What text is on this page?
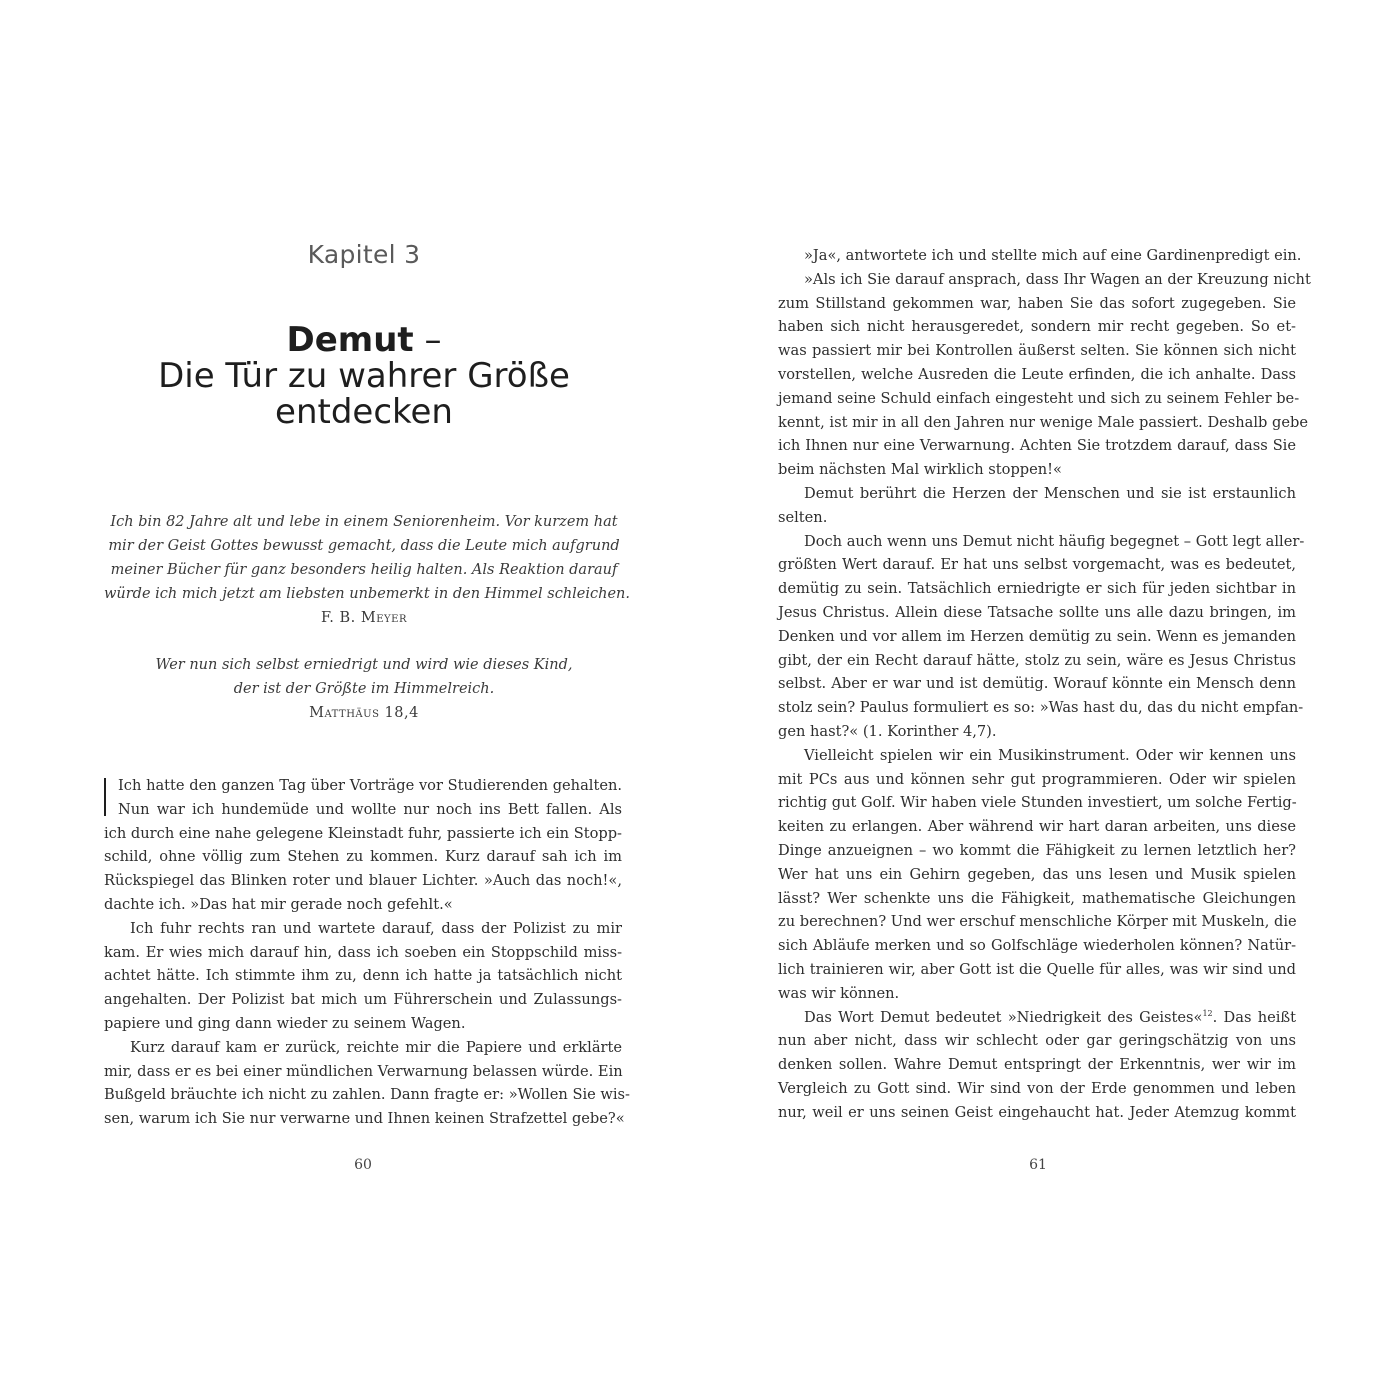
Kapitel 3
Demut –
Die Tür zu wahrer Größe
entdecken
Ich bin 82 Jahre alt und lebe in einem Seniorenheim. Vor kurzem hat
mir der Geist Gottes bewusst gemacht, dass die Leute mich aufgrund
meiner Bücher für ganz besonders heilig halten. Als Reaktion darauf
würde ich mich jetzt am liebsten unbemerkt in den Himmel schleichen.
F. B. Meyer
Wer nun sich selbst erniedrigt und wird wie dieses Kind,
der ist der Größte im Himmelreich.
Matthäus 18,4
Ich hatte den ganzen Tag über Vorträge vor Studierenden gehalten.
Nun war ich hundemüde und wollte nur noch ins Bett fallen. Als
ich durch eine nahe gelegene Kleinstadt fuhr, passierte ich ein Stopp-
schild, ohne völlig zum Stehen zu kommen. Kurz darauf sah ich im
Rückspiegel das Blinken roter und blauer Lichter. »Auch das noch!«,
dachte ich. »Das hat mir gerade noch gefehlt.«
Ich fuhr rechts ran und wartete darauf, dass der Polizist zu mir
kam. Er wies mich darauf hin, dass ich soeben ein Stoppschild miss-
achtet hätte. Ich stimmte ihm zu, denn ich hatte ja tatsächlich nicht
angehalten. Der Polizist bat mich um Führerschein und Zulassungs-
papiere und ging dann wieder zu seinem Wagen.
Kurz darauf kam er zurück, reichte mir die Papiere und erklärte
mir, dass er es bei einer mündlichen Verwarnung belassen würde. Ein
Bußgeld bräuchte ich nicht zu zahlen. Dann fragte er: »Wollen Sie wis-
sen, warum ich Sie nur verwarne und Ihnen keinen Strafzettel gebe?«
60
»Ja«, antwortete ich und stellte mich auf eine Gardinenpredigt ein.
»Als ich Sie darauf ansprach, dass Ihr Wagen an der Kreuzung nicht
zum Stillstand gekommen war, haben Sie das sofort zugegeben. Sie
haben sich nicht herausgeredet, sondern mir recht gegeben. So et-
was passiert mir bei Kontrollen äußerst selten. Sie können sich nicht
vorstellen, welche Ausreden die Leute erfinden, die ich anhalte. Dass
jemand seine Schuld einfach eingesteht und sich zu seinem Fehler be-
kennt, ist mir in all den Jahren nur wenige Male passiert. Deshalb gebe
ich Ihnen nur eine Verwarnung. Achten Sie trotzdem darauf, dass Sie
beim nächsten Mal wirklich stoppen!«
Demut berührt die Herzen der Menschen und sie ist erstaunlich
selten.
Doch auch wenn uns Demut nicht häufig begegnet – Gott legt aller-
größten Wert darauf. Er hat uns selbst vorgemacht, was es bedeutet,
demütig zu sein. Tatsächlich erniedrigte er sich für jeden sichtbar in
Jesus Christus. Allein diese Tatsache sollte uns alle dazu bringen, im
Denken und vor allem im Herzen demütig zu sein. Wenn es jemanden
gibt, der ein Recht darauf hätte, stolz zu sein, wäre es Jesus Christus
selbst. Aber er war und ist demütig. Worauf könnte ein Mensch denn
stolz sein? Paulus formuliert es so: »Was hast du, das du nicht empfan-
gen hast?« (1. Korinther 4,7).
Vielleicht spielen wir ein Musikinstrument. Oder wir kennen uns
mit PCs aus und können sehr gut programmieren. Oder wir spielen
richtig gut Golf. Wir haben viele Stunden investiert, um solche Fertig-
keiten zu erlangen. Aber während wir hart daran arbeiten, uns diese
Dinge anzueignen – wo kommt die Fähigkeit zu lernen letztlich her?
Wer hat uns ein Gehirn gegeben, das uns lesen und Musik spielen
lässt? Wer schenkte uns die Fähigkeit, mathematische Gleichungen
zu berechnen? Und wer erschuf menschliche Körper mit Muskeln, die
sich Abläufe merken und so Golfschläge wiederholen können? Natür-
lich trainieren wir, aber Gott ist die Quelle für alles, was wir sind und
was wir können.
Das Wort Demut bedeutet »Niedrigkeit des Geistes«$^{12}$. Das heißt
nun aber nicht, dass wir schlecht oder gar geringschätzig von uns
denken sollen. Wahre Demut entspringt der Erkenntnis, wer wir im
Vergleich zu Gott sind. Wir sind von der Erde genommen und leben
nur, weil er uns seinen Geist eingehaucht hat. Jeder Atemzug kommt
61
